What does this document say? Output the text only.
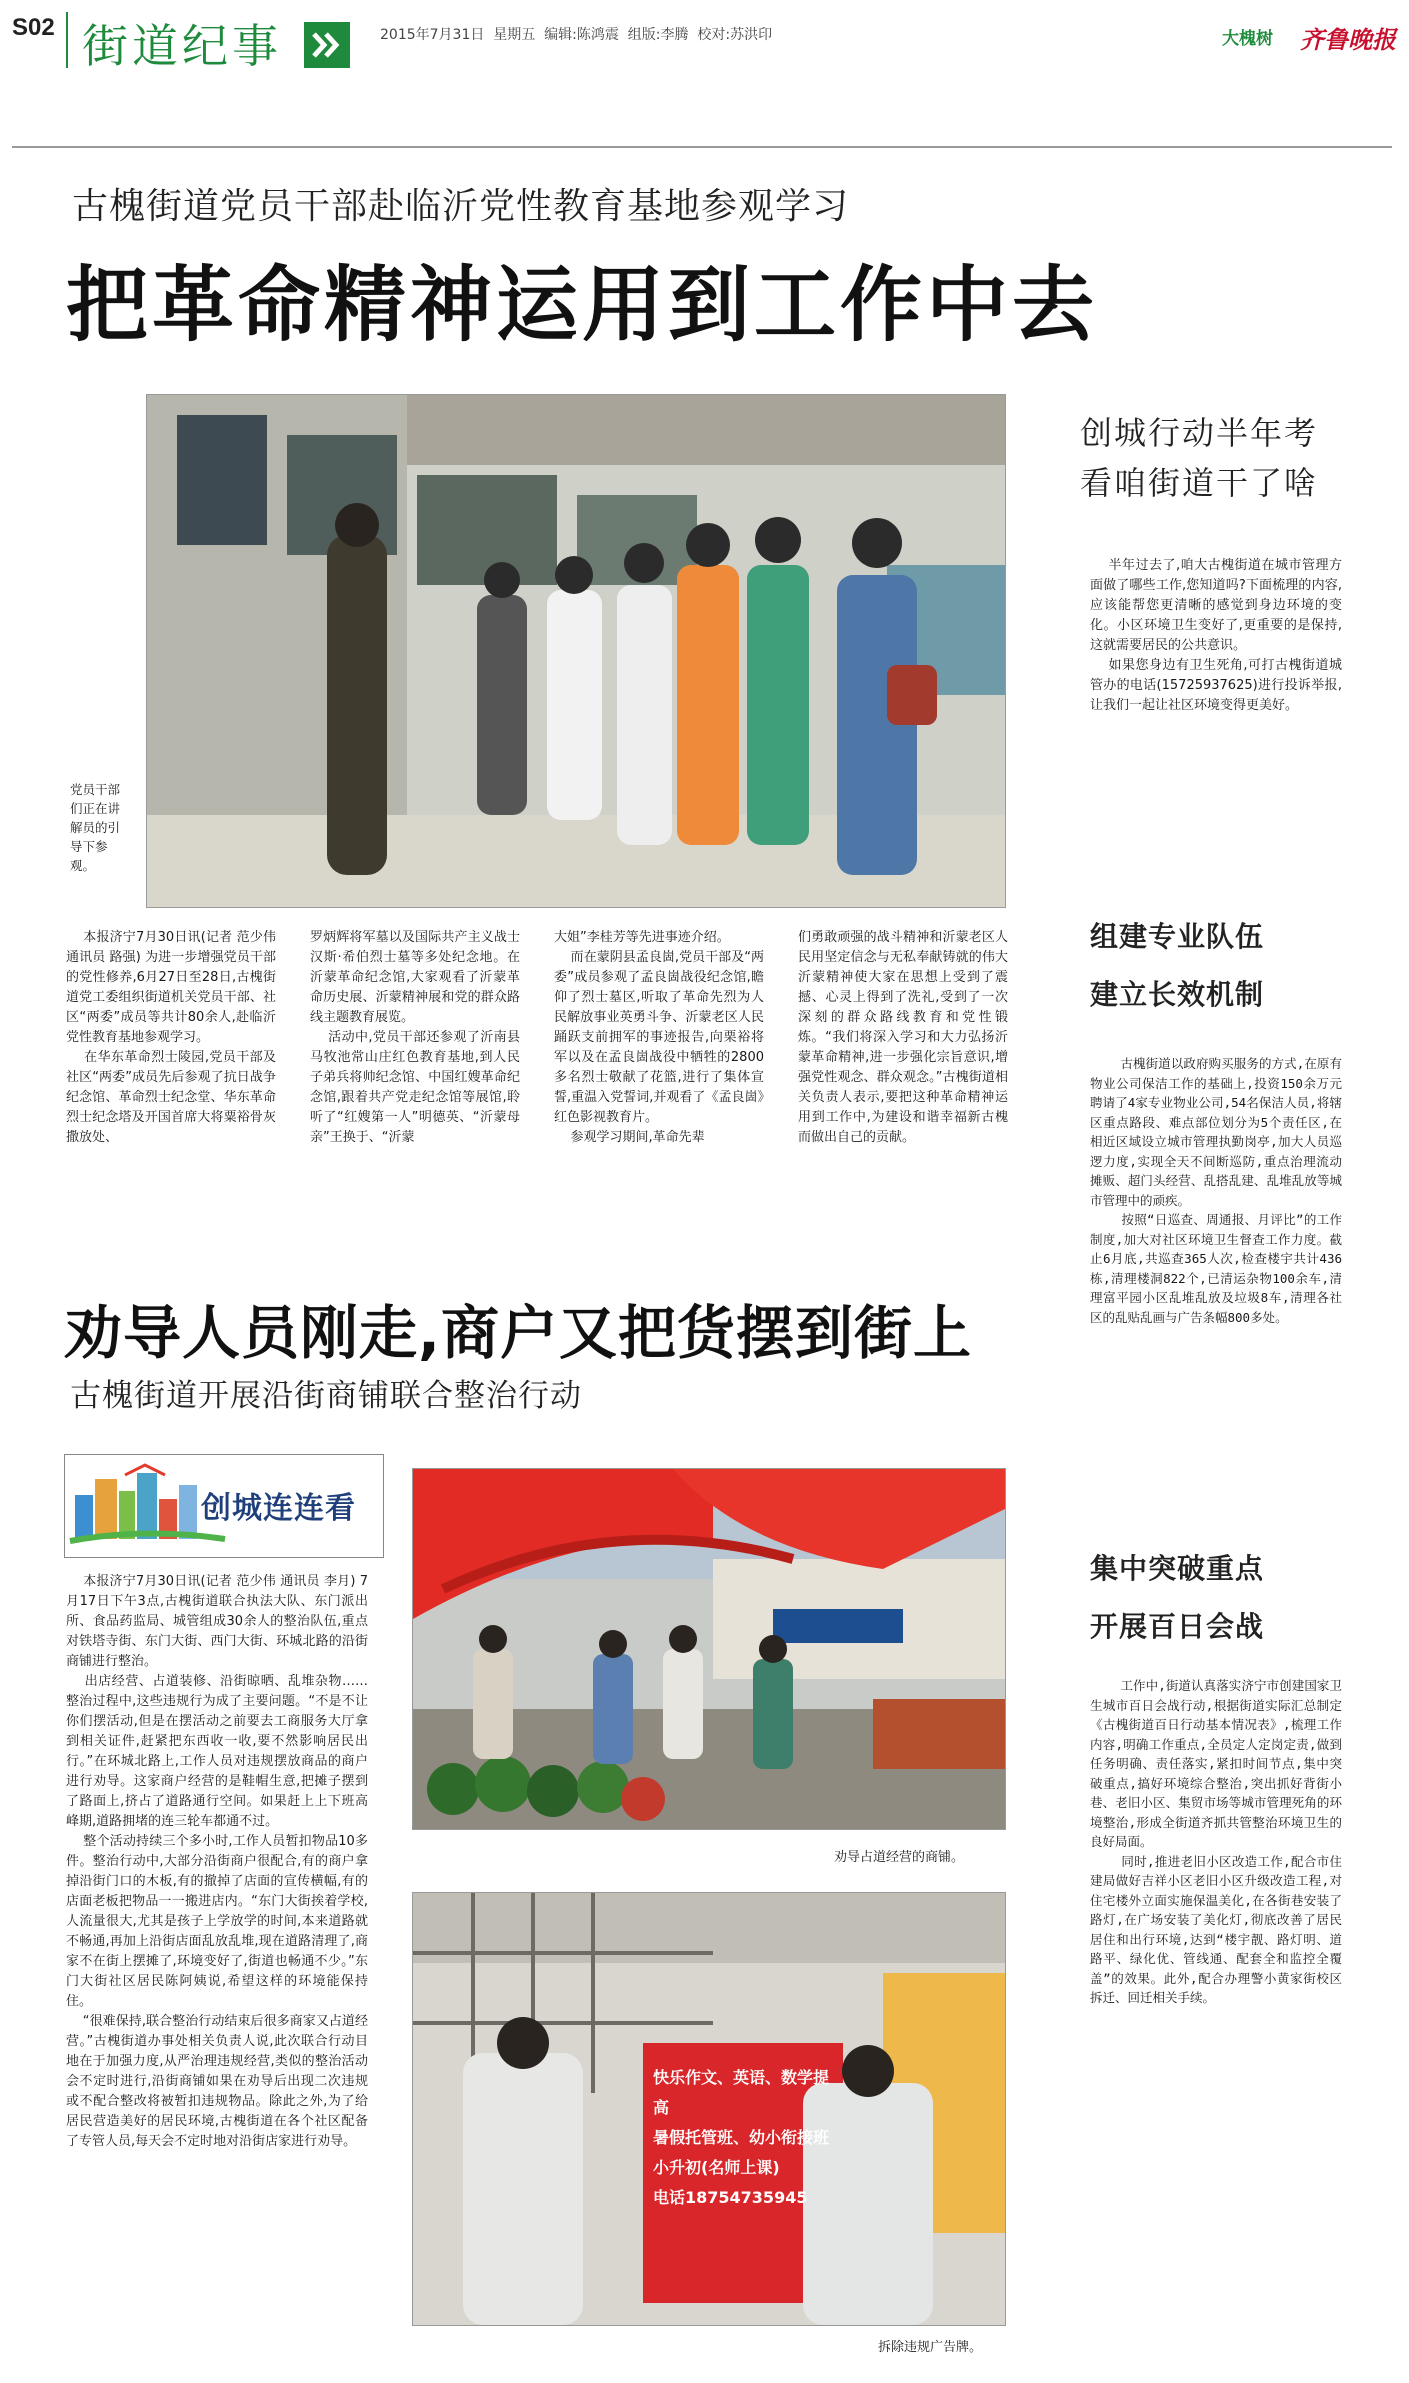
S02 街道纪事	2015年7月31日  星期五  编辑:陈鸿震  组版:李腾  校对:苏洪印	大槐树 齐鲁晚报
古槐街道党员干部赴临沂党性教育基地参观学习
把革命精神运用到工作中去
党员干部们正在讲解员的引导下参观。

本报济宁7月30日讯(记者 范少伟 通讯员 路强) 为进一步增强党员干部的党性修养,6月27日至28日,古槐街道党工委组织街道机关党员干部、社区“两委”成员等共计80余人,赴临沂党性教育基地参观学习。
在华东革命烈士陵园,党员干部及社区“两委”成员先后参观了抗日战争纪念馆、革命烈士纪念堂、华东革命烈士纪念塔及开国首席大将粟裕骨灰撒放处、

罗炳辉将军墓以及国际共产主义战士汉斯·希伯烈士墓等多处纪念地。在沂蒙革命纪念馆,大家观看了沂蒙革命历史展、沂蒙精神展和党的群众路线主题教育展览。
活动中,党员干部还参观了沂南县马牧池常山庄红色教育基地,到人民子弟兵将帅纪念馆、中国红嫂革命纪念馆,跟着共产党走纪念馆等展馆,聆听了“红嫂第一人”明德英、“沂蒙母亲”王换于、“沂蒙

大姐”李桂芳等先进事迹介绍。
而在蒙阴县孟良崮,党员干部及“两委”成员参观了孟良崮战役纪念馆,瞻仰了烈士墓区,听取了革命先烈为人民解放事业英勇斗争、沂蒙老区人民踊跃支前拥军的事迹报告,向栗裕将军以及在孟良崮战役中牺牲的2800多名烈士敬献了花篮,进行了集体宣誓,重温入党誓词,并观看了《孟良崮》红色影视教育片。
参观学习期间,革命先辈

们勇敢顽强的战斗精神和沂蒙老区人民用坚定信念与无私奉献铸就的伟大沂蒙精神使大家在思想上受到了震撼、心灵上得到了洗礼,受到了一次深刻的群众路线教育和党性锻炼。“我们将深入学习和大力弘扬沂蒙革命精神,进一步强化宗旨意识,增强党性观念、群众观念。”古槐街道相关负责人表示,要把这种革命精神运用到工作中,为建设和谐幸福新古槐而做出自己的贡献。

劝导人员刚走,商户又把货摆到街上
古槐街道开展沿街商铺联合整治行动
创城连连看

本报济宁7月30日讯(记者 范少伟 通讯员 李月) 7月17日下午3点,古槐街道联合执法大队、东门派出所、食品药监局、城管组成30余人的整治队伍,重点对铁塔寺街、东门大街、西门大街、环城北路的沿街商铺进行整治。
出店经营、占道装修、沿街晾晒、乱堆杂物……整治过程中,这些违规行为成了主要问题。“不是不让你们摆活动,但是在摆活动之前要去工商服务大厅拿到相关证件,赶紧把东西收一收,要不然影响居民出行。”在环城北路上,工作人员对违规摆放商品的商户进行劝导。这家商户经营的是鞋帽生意,把摊子摆到了路面上,挤占了道路通行空间。如果赶上上下班高峰期,道路拥堵的连三轮车都通不过。
整个活动持续三个多小时,工作人员暂扣物品10多件。整治行动中,大部分沿街商户很配合,有的商户拿掉沿街门口的木板,有的撤掉了店面的宣传横幅,有的店面老板把物品一一搬进店内。“东门大街挨着学校,人流量很大,尤其是孩子上学放学的时间,本来道路就不畅通,再加上沿街店面乱放乱堆,现在道路清理了,商家不在街上摆摊了,环境变好了,街道也畅通不少。”东门大街社区居民陈阿姨说,希望这样的环境能保持住。
“很难保持,联合整治行动结束后很多商家又占道经营。”古槐街道办事处相关负责人说,此次联合行动目地在于加强力度,从严治理违规经营,类似的整治活动会不定时进行,沿街商铺如果在劝导后出现二次违规或不配合整改将被暂扣违规物品。除此之外,为了给居民营造美好的居民环境,古槐街道在各个社区配备了专管人员,每天会不定时地对沿街店家进行劝导。

劝导占道经营的商铺。
快乐作文、英语、数学提高
暑假托管班、幼小衔接班
小升初(名师上课)
电话18754735945
拆除违规广告牌。
创城行动半年考
看咱街道干了啥

半年过去了,咱大古槐街道在城市管理方面做了哪些工作,您知道吗?下面梳理的内容,应该能帮您更清晰的感觉到身边环境的变化。小区环境卫生变好了,更重要的是保持,这就需要居民的公共意识。
如果您身边有卫生死角,可打古槐街道城管办的电话(15725937625)进行投诉举报,让我们一起让社区环境变得更美好。

组建专业队伍
建立长效机制

古槐街道以政府购买服务的方式,在原有物业公司保洁工作的基础上,投资150余万元聘请了4家专业物业公司,54名保洁人员,将辖区重点路段、难点部位划分为5个责任区,在相近区域设立城市管理执勤岗亭,加大人员巡逻力度,实现全天不间断巡防,重点治理流动摊贩、超门头经营、乱搭乱建、乱堆乱放等城市管理中的顽疾。
按照“日巡查、周通报、月评比”的工作制度,加大对社区环境卫生督查工作力度。截止6月底,共巡查365人次,检查楼宇共计436栋,清理楼洞822个,已清运杂物100余车,清理富平园小区乱堆乱放及垃圾8车,清理各社区的乱贴乱画与广告条幅800多处。

集中突破重点
开展百日会战

工作中,街道认真落实济宁市创建国家卫生城市百日会战行动,根据街道实际汇总制定《古槐街道百日行动基本情况表》,梳理工作内容,明确工作重点,全员定人定岗定责,做到任务明确、责任落实,紧扣时间节点,集中突破重点,搞好环境综合整治,突出抓好背街小巷、老旧小区、集贸市场等城市管理死角的环境整治,形成全街道齐抓共管整治环境卫生的良好局面。
同时,推进老旧小区改造工作,配合市住建局做好吉祥小区老旧小区升级改造工程,对住宅楼外立面实施保温美化,在各街巷安装了路灯,在广场安装了美化灯,彻底改善了居民居住和出行环境,达到“楼宇靓、路灯明、道路平、绿化优、管线通、配套全和监控全覆盖”的效果。此外,配合办理警小黄家街校区拆迁、回迁相关手续。
